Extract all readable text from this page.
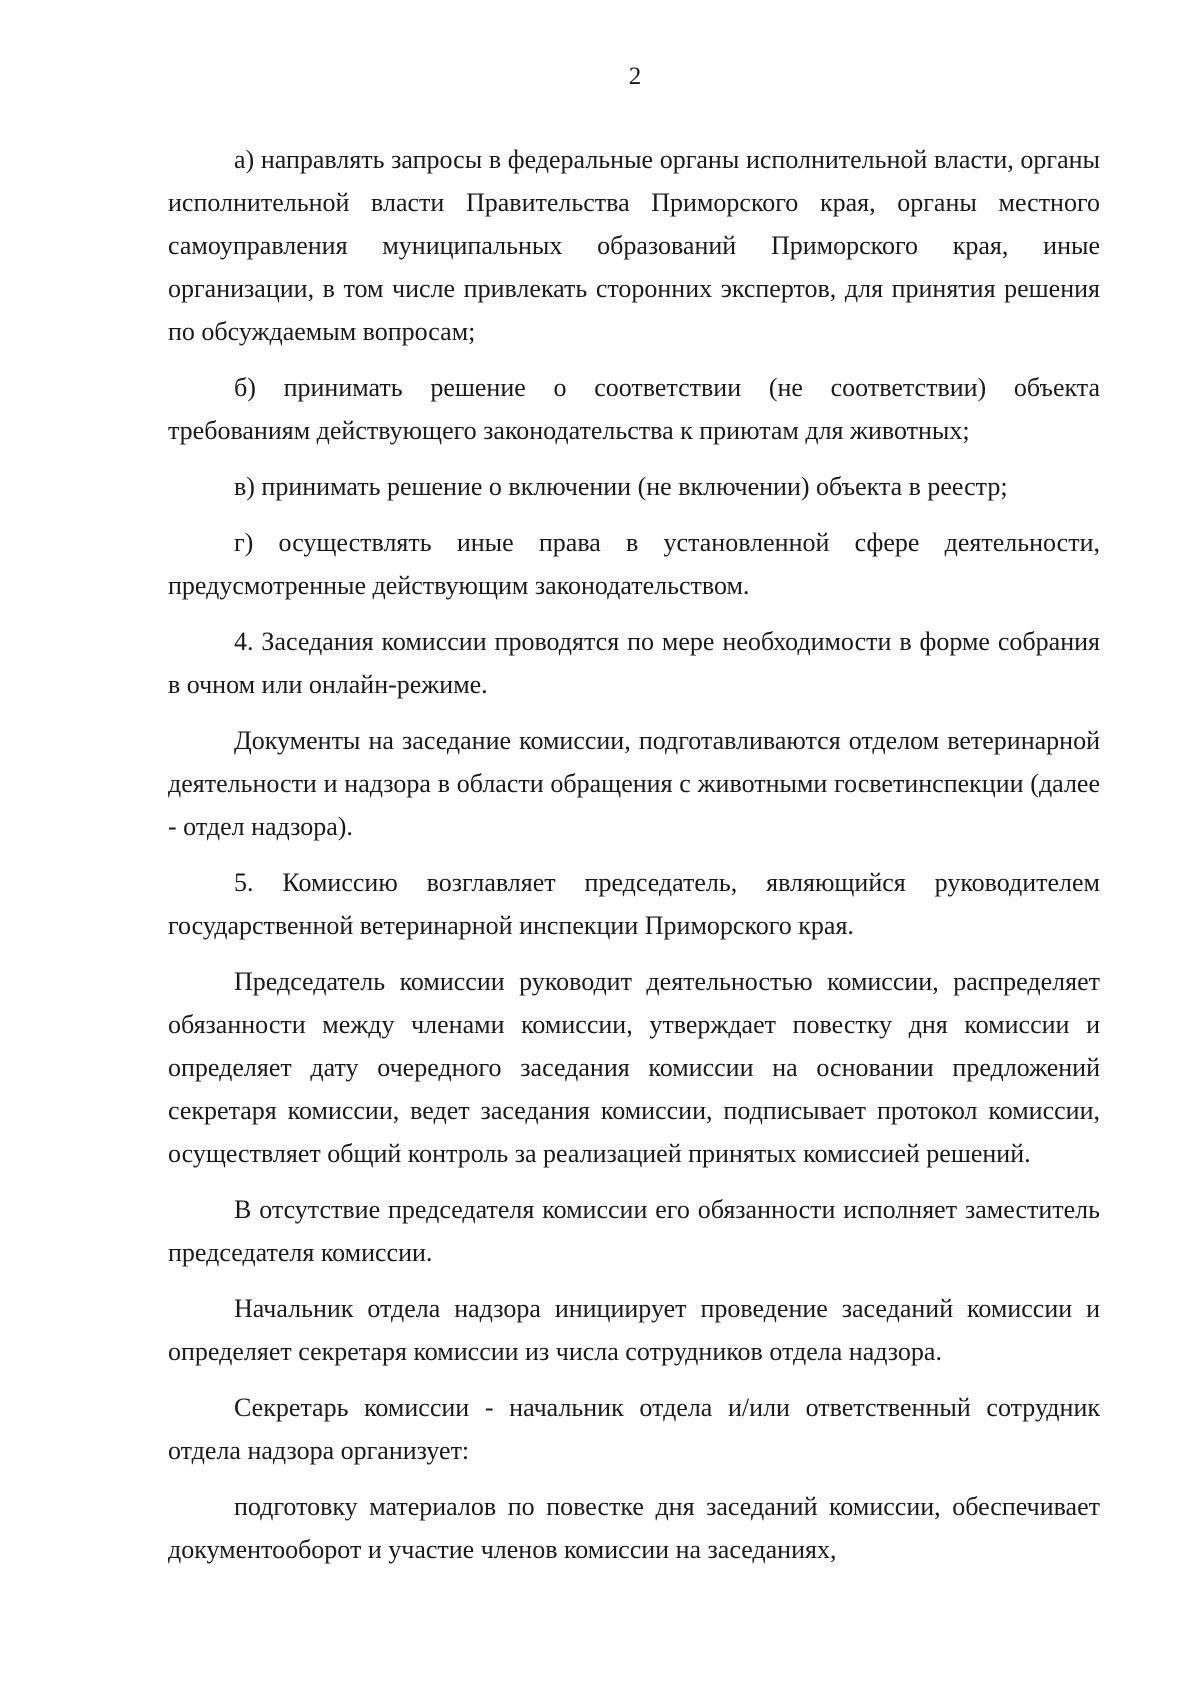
2

а) направлять запросы в федеральные органы исполнительной власти, органы исполнительной власти Правительства Приморского края, органы местного самоуправления муниципальных образований Приморского края, иные организации, в том числе привлекать сторонних экспертов, для принятия решения по обсуждаемым вопросам;

б) принимать решение о соответствии (не соответствии) объекта требованиям действующего законодательства к приютам для животных;

в) принимать решение о включении (не включении) объекта в реестр;

г) осуществлять иные права в установленной сфере деятельности, предусмотренные действующим законодательством.

4. Заседания комиссии проводятся по мере необходимости в форме собрания в очном или онлайн-режиме.

Документы на заседание комиссии, подготавливаются отделом ветеринарной деятельности и надзора в области обращения с животными госветинспекции (далее - отдел надзора).

5. Комиссию возглавляет председатель, являющийся руководителем государственной ветеринарной инспекции Приморского края.

Председатель комиссии руководит деятельностью комиссии, распределяет обязанности между членами комиссии, утверждает повестку дня комиссии и определяет дату очередного заседания комиссии на основании предложений секретаря комиссии, ведет заседания комиссии, подписывает протокол комиссии, осуществляет общий контроль за реализацией принятых комиссией решений.

В отсутствие председателя комиссии его обязанности исполняет заместитель председателя комиссии.

Начальник отдела надзора инициирует проведение заседаний комиссии и определяет секретаря комиссии из числа сотрудников отдела надзора.

Секретарь комиссии - начальник отдела и/или ответственный сотрудник отдела надзора организует:

подготовку материалов по повестке дня заседаний комиссии, обеспечивает документооборот и участие членов комиссии на заседаниях,
